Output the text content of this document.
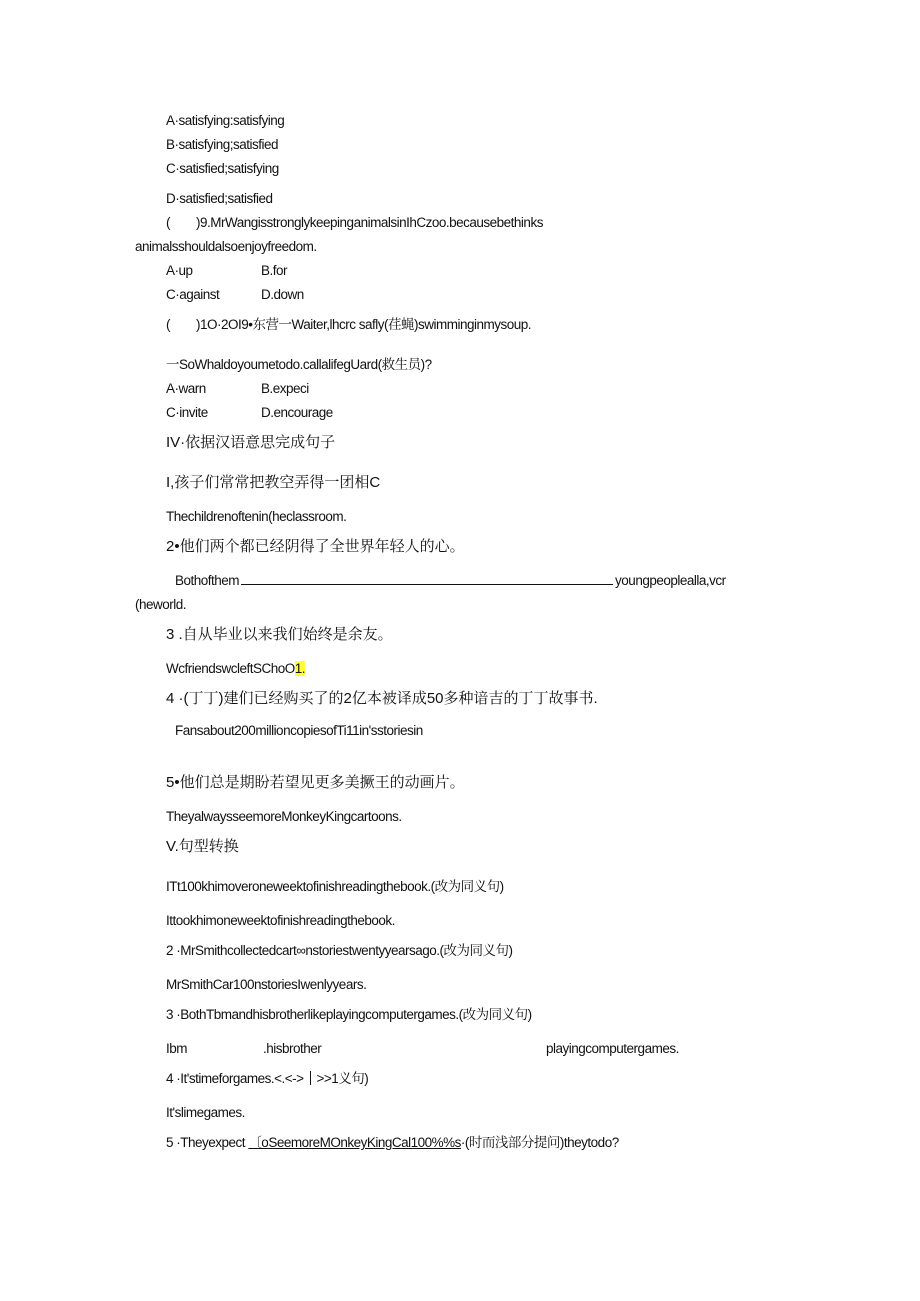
A·satisfying:satisfying
B·satisfying;satisfied
C·satisfied;satisfying
D·satisfied;satisfied
( )9.MrWangisstronglykeepinganimalsinIhCzoo.becausebethinks
animalsshouldalsoenjoyfreedom.
A·up	B.for
C·against	D.down
( )1O·2OI9•东营一Waiter,lhcrc safly(荏蝇)swimminginmysoup.
一SoWhaldoyoumetodo.callalifegUard(救生员)?
A·warn	B.expeci
C·invite	D.encourage
IV·依据汉语意思完成句子
I,孩子们常常把教空弄得一团相C
Thechildrenoftenin(heclassroom.
2•他们两个都已经阴得了全世界年轻人的心。
Bothofthem	youngpeoplealla,vcr
(heworld.
3 .自从毕业以来我们始终是余友。
WcfriendswcleftSChoO1.
4 ·(丁丁)建们已经购买了的2亿本被译成50多种谙吉的丁丁故事书.
Fansabout200millioncopiesofTi11in'sstoriesin
5•他们总是期盼若望见更多美撅王的动画片。
TheyalwaysseemoreMonkeyKingcartoons.
V.句型转换
ITt100khimoveroneweektofinishreadingthebook.(改为同义句)
Ittookhimoneweektofinishreadingthebook.
2 ·MrSmithcollectedcart∞nstoriestwentyyearsago.(改为同义句)
MrSmithCar100nstoriesIwenlyyears.
3 ·BothTbmandhisbrotherlikeplayingcomputergames.(改为同义句)
Ibm	.hisbrother	playingcomputergames.
4 ·It'stimeforgames.<.<-> >>1义句)
It'slimegames.
5 ·Theyexpect 〔oSeemoreMOnkeyKingCal100%%s·(时而浅部分提问)theytodo?
